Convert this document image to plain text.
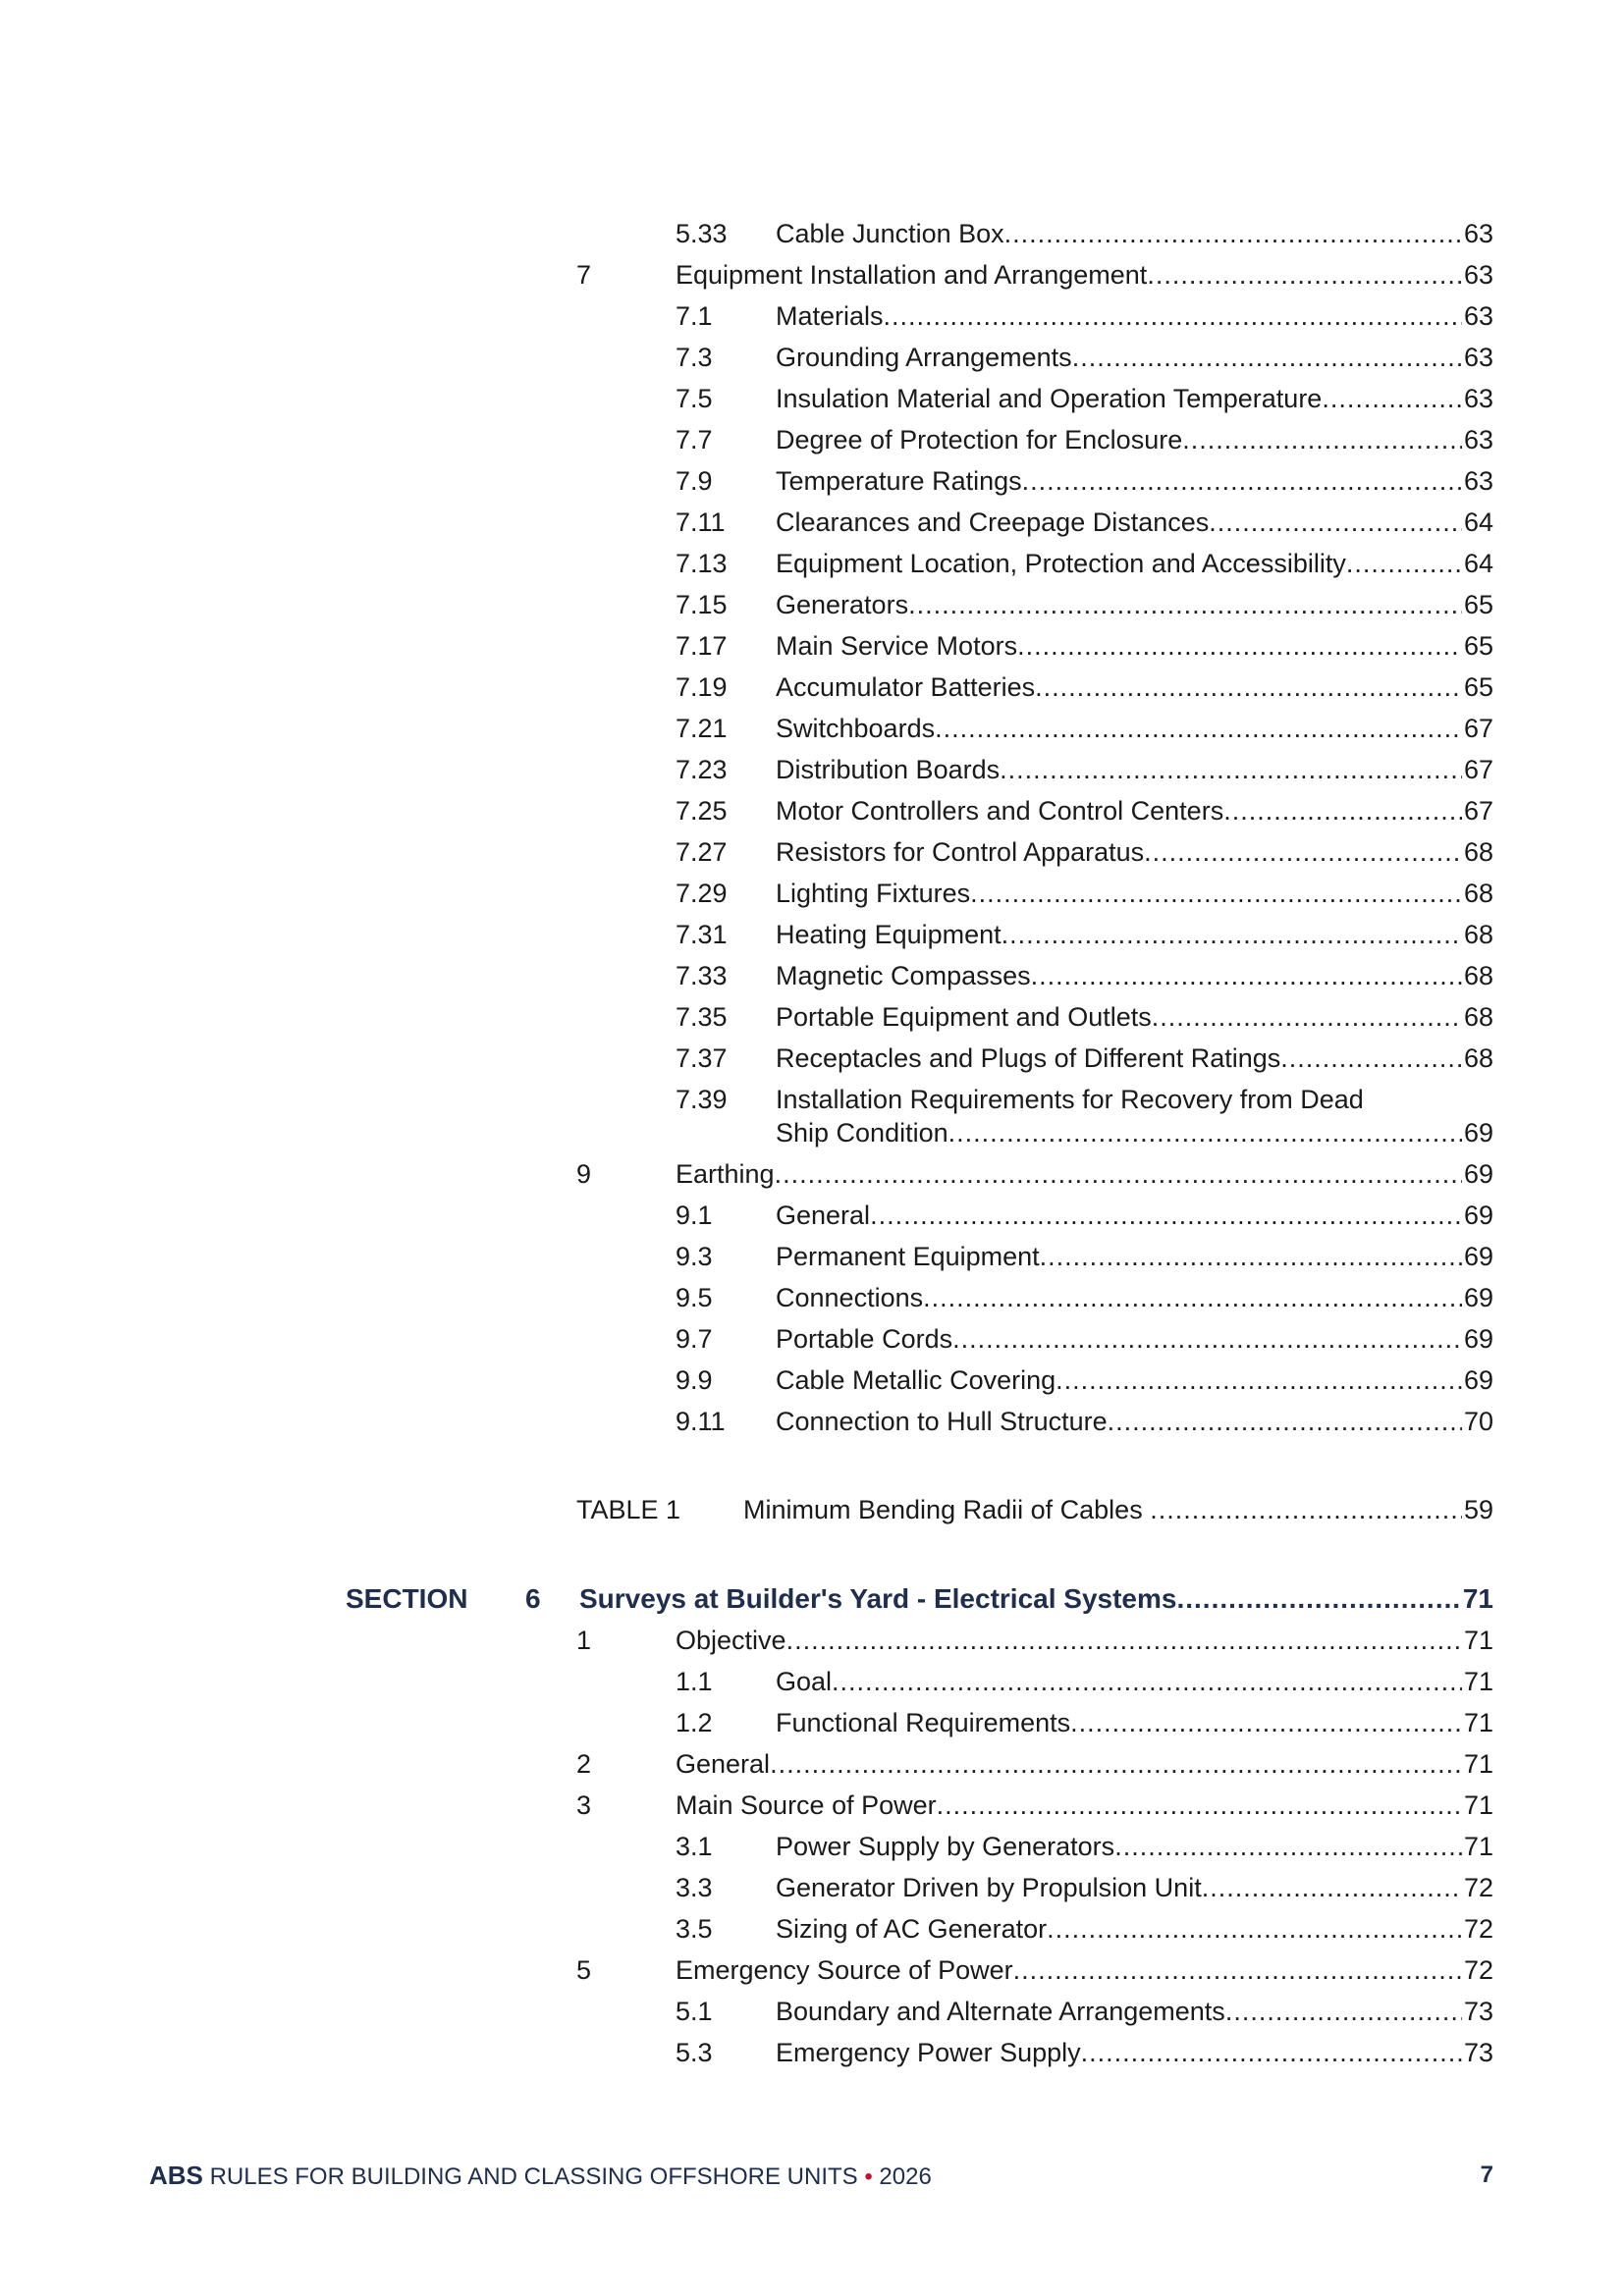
5.33 Cable Junction Box .....	63
7	Equipment Installation and Arrangement .....	63
7.1 Materials .....	63
7.3 Grounding Arrangements .....	63
7.5 Insulation Material and Operation Temperature .....	63
7.7 Degree of Protection for Enclosure .....	63
7.9 Temperature Ratings .....	63
7.11 Clearances and Creepage Distances .....	64
7.13 Equipment Location, Protection and Accessibility .....	64
7.15 Generators .....	65
7.17 Main Service Motors .....	65
7.19 Accumulator Batteries .....	65
7.21 Switchboards .....	67
7.23 Distribution Boards .....	67
7.25 Motor Controllers and Control Centers .....	67
7.27 Resistors for Control Apparatus .....	68
7.29 Lighting Fixtures .....	68
7.31 Heating Equipment .....	68
7.33 Magnetic Compasses .....	68
7.35 Portable Equipment and Outlets .....	68
7.37 Receptacles and Plugs of Different Ratings .....	68
7.39 Installation Requirements for Recovery from Dead
Ship Condition .....	69
9	Earthing .....	69
9.1 General .....	69
9.3 Permanent Equipment .....	69
9.5 Connections .....	69
9.7 Portable Cords .....	69
9.9 Cable Metallic Covering .....	69
9.11 Connection to Hull Structure .....	70
TABLE 1 Minimum Bending Radii of Cables .....	59
SECTION 6 Surveys at Builder's Yard - Electrical Systems .....	71
1	Objective .....	71
1.1 Goal .....	71
1.2 Functional Requirements .....	71
2	General .....	71
3	Main Source of Power .....	71
3.1 Power Supply by Generators .....	71
3.3 Generator Driven by Propulsion Unit .....	72
3.5 Sizing of AC Generator .....	72
5	Emergency Source of Power .....	72
5.1 Boundary and Alternate Arrangements .....	73
5.3 Emergency Power Supply .....	73
ABS RULES FOR BUILDING AND CLASSING OFFSHORE UNITS • 2026	7
